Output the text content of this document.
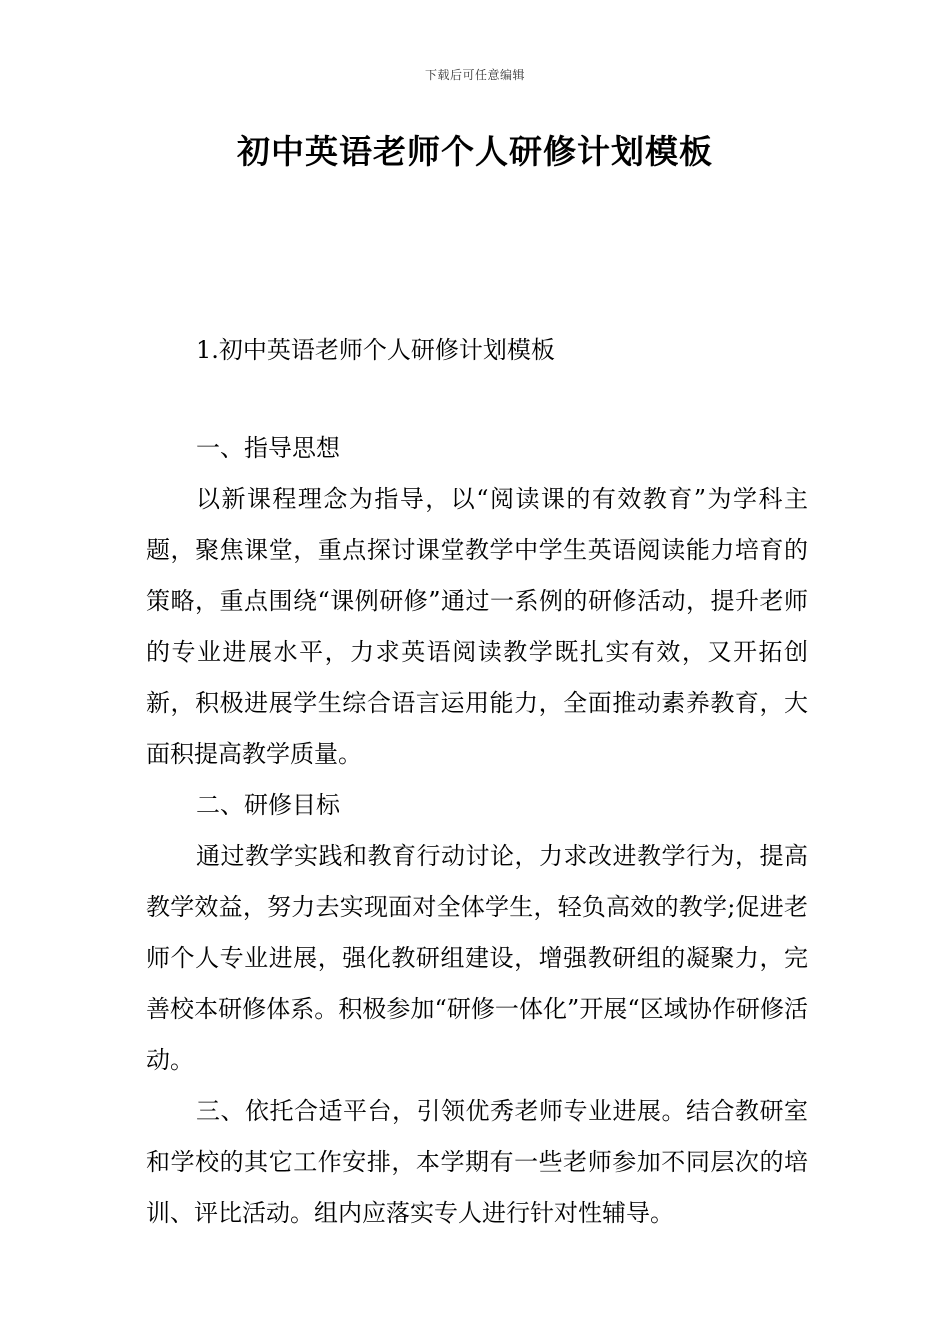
下载后可任意编辑
初中英语老师个人研修计划模板
1.初中英语老师个人研修计划模板

一、指导思想

以新课程理念为指导，以“阅读课的有效教育”为学科主题，聚焦课堂，重点探讨课堂教学中学生英语阅读能力培育的策略，重点围绕“课例研修”通过一系例的研修活动，提升老师的专业进展水平，力求英语阅读教学既扎实有效，又开拓创新，积极进展学生综合语言运用能力，全面推动素养教育，大面积提高教学质量。

二、研修目标

通过教学实践和教育行动讨论，力求改进教学行为，提高教学效益，努力去实现面对全体学生，轻负高效的教学;促进老师个人专业进展，强化教研组建设，增强教研组的凝聚力，完善校本研修体系。积极参加“研修一体化”开展“区域协作研修活动。

三、依托合适平台，引领优秀老师专业进展。结合教研室和学校的其它工作安排，本学期有一些老师参加不同层次的培训、评比活动。组内应落实专人进行针对性辅导。
